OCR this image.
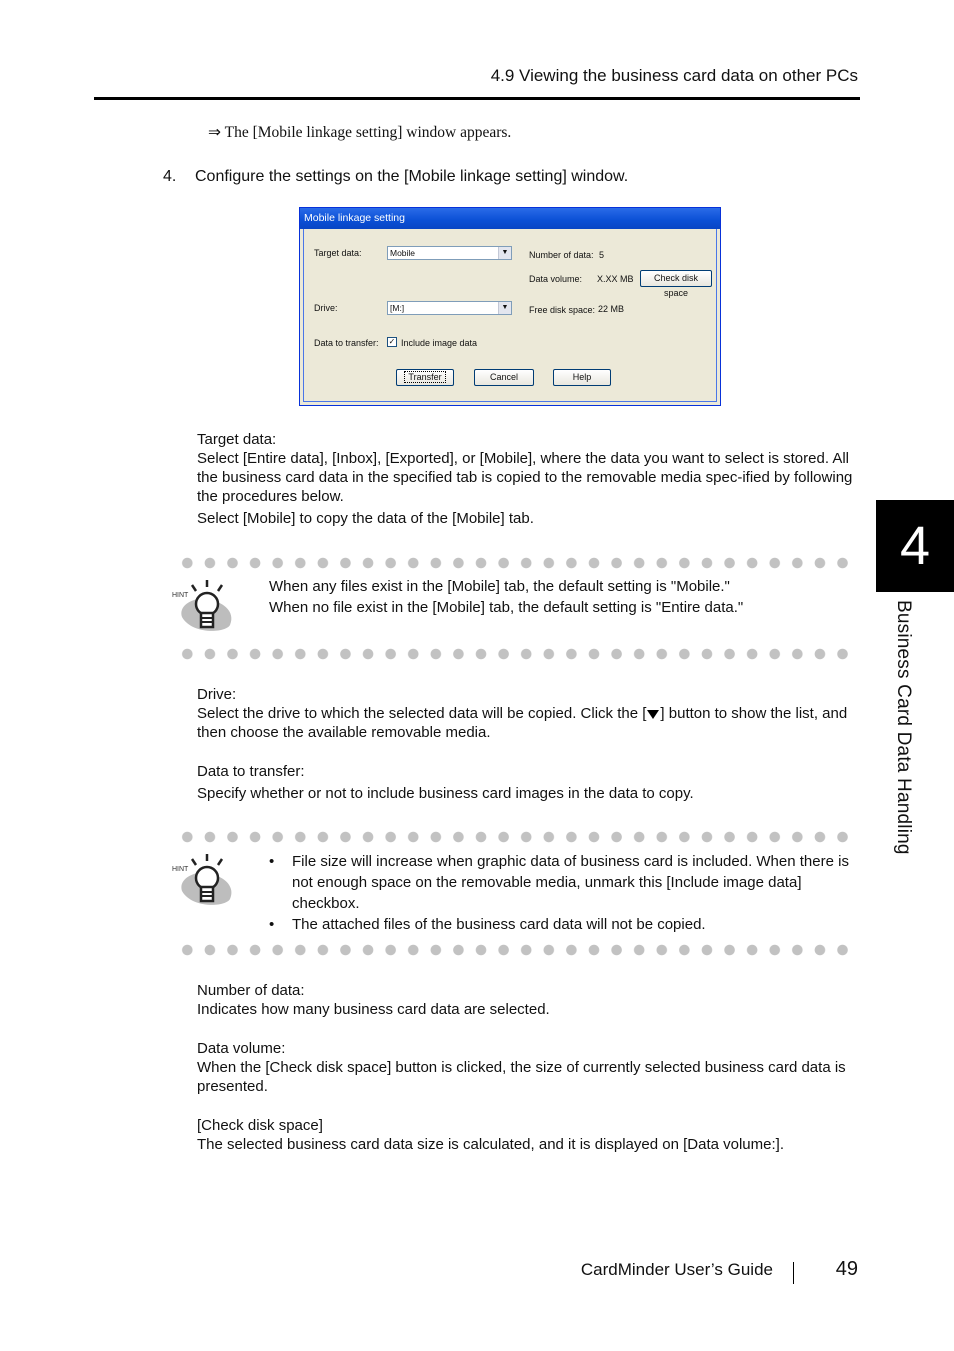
4.9 Viewing the business card data on other PCs
⇒ The [Mobile linkage setting] window appears.
4. Configure the settings on the [Mobile linkage setting] window.
Mobile linkage setting
Target data:	Mobile	▼ Number of data: 5
Data volume: X.XX MB	Check disk space
Drive:	[M:]	▼ Free disk space: 22 MB
Data to transfer: ✓ Include image data
Transfer	Cancel	Help

Target data:

Select [Entire data], [Inbox], [Exported], or [Mobile], where the data you want to select is stored. All the business card data in the specified tab is copied to the removable media spec-ified by following the procedures below.

Select [Mobile] to copy the data of the [Mobile] tab.

HINT

When any files exist in the [Mobile] tab, the default setting is "Mobile."

When no file exist in the [Mobile] tab, the default setting is "Entire data."

Drive:

Select the drive to which the selected data will be copied. Click the [ ] button to show the list, and then choose the available removable media.

Data to transfer:

Specify whether or not to include business card images in the data to copy.

HINT	• File size will increase when graphic data of business card is included. When there is not enough space on the removable media, unmark this [Include image data] checkbox.
• The attached files of the business card data will not be copied.

Number of data:

Indicates how many business card data are selected.

Data volume:

When the [Check disk space] button is clicked, the size of currently selected business card data is presented.

[Check disk space]

The selected business card data size is calculated, and it is displayed on [Data volume:].

4
Business Card Data Handling
CardMinder User’s Guide	49
